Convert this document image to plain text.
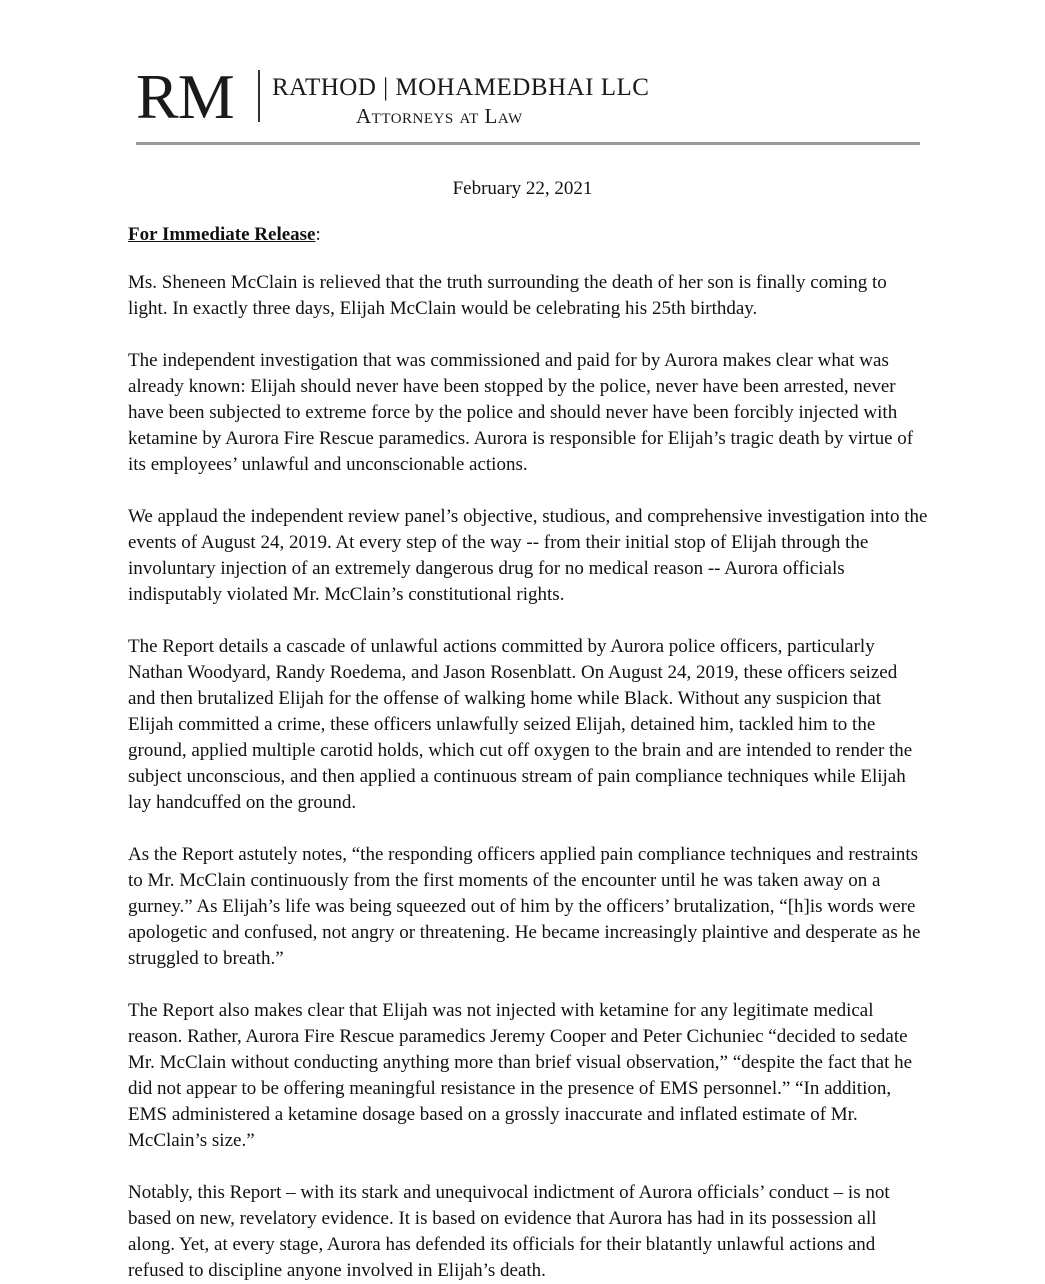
RM RATHOD | MOHAMEDBHAI LLC
Attorneys at Law
February 22, 2021
For Immediate Release:

Ms. Sheneen McClain is relieved that the truth surrounding the death of her son is finally coming to light. In exactly three days, Elijah McClain would be celebrating his 25th birthday.

The independent investigation that was commissioned and paid for by Aurora makes clear what was already known: Elijah should never have been stopped by the police, never have been arrested, never have been subjected to extreme force by the police and should never have been forcibly injected with ketamine by Aurora Fire Rescue paramedics. Aurora is responsible for Elijah’s tragic death by virtue of its employees’ unlawful and unconscionable actions.

We applaud the independent review panel’s objective, studious, and comprehensive investigation into the events of August 24, 2019. At every step of the way -- from their initial stop of Elijah through the involuntary injection of an extremely dangerous drug for no medical reason -- Aurora officials indisputably violated Mr. McClain’s constitutional rights.

The Report details a cascade of unlawful actions committed by Aurora police officers, particularly Nathan Woodyard, Randy Roedema, and Jason Rosenblatt. On August 24, 2019, these officers seized and then brutalized Elijah for the offense of walking home while Black. Without any suspicion that Elijah committed a crime, these officers unlawfully seized Elijah, detained him, tackled him to the ground, applied multiple carotid holds, which cut off oxygen to the brain and are intended to render the subject unconscious, and then applied a continuous stream of pain compliance techniques while Elijah lay handcuffed on the ground.

As the Report astutely notes, “the responding officers applied pain compliance techniques and restraints to Mr. McClain continuously from the first moments of the encounter until he was taken away on a gurney.” As Elijah’s life was being squeezed out of him by the officers’ brutalization, “[h]is words were apologetic and confused, not angry or threatening. He became increasingly plaintive and desperate as he struggled to breath.”

The Report also makes clear that Elijah was not injected with ketamine for any legitimate medical reason. Rather, Aurora Fire Rescue paramedics Jeremy Cooper and Peter Cichuniec “decided to sedate Mr. McClain without conducting anything more than brief visual observation,” “despite the fact that he did not appear to be offering meaningful resistance in the presence of EMS personnel.” “In addition, EMS administered a ketamine dosage based on a grossly inaccurate and inflated estimate of Mr. McClain’s size.”

Notably, this Report – with its stark and unequivocal indictment of Aurora officials’ conduct – is not based on new, revelatory evidence. It is based on evidence that Aurora has had in its possession all along. Yet, at every stage, Aurora has defended its officials for their blatantly unlawful actions and refused to discipline anyone involved in Elijah’s death.
